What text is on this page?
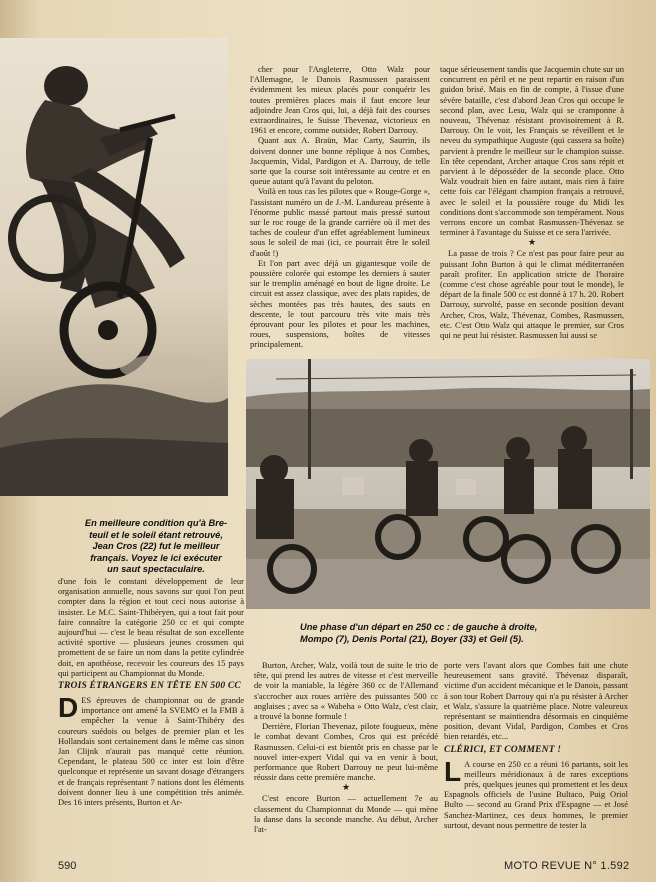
En meilleure condition qu'à Bre-
teuil et le soleil étant retrouvé,
Jean Cros (22) fut le meilleur
français. Voyez le ici exécuter
un saut spectaculaire.
Une phase d'un départ en 250 cc : de gauche à droite,
Mompo (7), Denis Portal (21), Boyer (33) et Geil (5).

cher pour l'Angleterre, Otto Walz pour l'Allemagne, le Danois Rasmussen paraissent évidemment les mieux placés pour conquérir les toutes premières places mais il faut encore leur adjoindre Jean Cros qui, lui, a déjà fait des courses extraordinaires, le Suisse Thevenaz, victorieux en 1961 et encore, comme outsider, Robert Darrouy.

Quant aux A. Braün, Mac Carty, Saurrin, ils doivent donner une bonne réplique à nos Combes, Jacquemin, Vidal, Pardigon et A. Darrouy, de telle sorte que la course soit intéressante au centre et en queue autant qu'à l'avant du peloton.

Voilà en tous cas les pilotes que « Rouge-Gorge », l'assistant numéro un de J.-M. Landureau présente à l'énorme public massé partout mais pressé surtout sur le roc rouge de la grande carrière où il met des taches de couleur d'un effet agréablement lumineux sous le soleil de mai (ici, ce pourrait être le soleil d'août !)

Et l'on part avec déjà un gigantesque voile de poussière colorée qui estompe les derniers à sauter sur le tremplin aménagé en bout de ligne droite. Le circuit est assez classique, avec des plats rapides, de sèches montées pas très hautes, des sauts en descente, le tout parcouru très vite mais très éprouvant pour les pilotes et pour les machines, roues, suspensions, boîtes de vitesses principalement.

taque sérieusement tandis que Jacquemin chute sur un concurrent en péril et ne peut repartir en raison d'un guidon brisé. Mais en fin de compte, à l'issue d'une sévère bataille, c'est d'abord Jean Cros qui occupe le second plan, avec Lesu, Walz qui se cramponne à nouveau, Thévenaz résistant provisoirement à R. Darrouy. On le voit, les Français se réveillent et le neveu du sympathique Auguste (qui cassera sa boîte) parvient à prendre le meilleur sur le champion suisse. En tête cependant, Archer attaque Cros sans répit et parvient à le déposséder de la seconde place. Otto Walz voudrait bien en faire autant, mais rien à faire cette fois car l'élégant champion français a retrouvé, avec le soleil et la poussière rouge du Midi les conditions dont s'accommode son tempérament. Nous verrons encore un combat Rasmussen-Thévenaz se terminer à l'avantage du Suisse et ce sera l'arrivée.

★

La passe de trois ? Ce n'est pas pour faire peur au puissant John Burton à qui le climat méditerranéen paraît profiter. En application stricte de l'horaire (comme c'est chose agréable pour tout le monde), le départ de la finale 500 cc est donné à 17 h. 20. Robert Darrouy, survolté, passe en seconde position devant Archer, Cros, Walz, Thévenaz, Combes, Rasmussen, etc. C'est Otto Walz qui attaque le premier, sur Cros qui ne peut lui résister. Rasmussen lui aussi se

d'une fois le constant développement de leur organisation annuelle, nous savons sur quoi l'on peut compter dans la région et tout ceci nous autorise à insister. Le M.C. Saint-Thibéryen, qui a tout fait pour faire connaître la catégorie 250 cc et qui compte aujourd'hui — c'est le beau résultat de son excellente activité sportive — plusieurs jeunes crossmen qui promettent de se faire un nom dans la petite cylindrée doit, en apothéose, recevoir les coureurs des 15 pays qui participent au Championnat du Monde.

TROIS ÉTRANGERS EN TÊTE EN 500 CC

DES épreuves de championnat ou de grande importance ont amené la SVEMO et la FMB à empêcher la venue à Saint-Thibéry des coureurs suédois ou belges de premier plan et les Hollandais sont certainement dans le même cas sinon Jan Clijnk n'aurait pas manqué cette réunion. Cependant, le plateau 500 cc inter est loin d'être quelconque et représente un savant dosage d'étrangers et de français représentant 7 nations dont les éléments doivent donner lieu à une compétition très animée. Des 16 inters présents, Burton et Ar-

Burton, Archer, Walz, voilà tout de suite le trio de tête, qui prend les autres de vitesse et c'est merveille de voir la maniable, la légère 360 cc de l'Allemand s'accrocher aux roues arrière des puissantes 500 cc anglaises ; avec sa « Wabeha » Otto Walz, c'est clair, a trouvé la bonne formule !

Derrière, Florian Thevenaz, pilote fougueux, mène le combat devant Combes, Cros qui est précédé Rasmussen. Celui-ci est bientôt pris en chasse par le nouvel inter-expert Vidal qui va en venir à bout, performance que Robert Darrouy ne peut lui-même réussir dans cette première manche.

★

C'est encore Burton — actuellement 7e au classement du Championnat du Monde — qui mène la danse dans la seconde manche. Au début, Archer l'at-

porte vers l'avant alors que Combes fait une chute heureusement sans gravité. Thévenaz disparaît, victime d'un accident mécanique et le Danois, passant à son tour Robert Darrouy qui n'a pu résister à Archer et Walz, s'assure la quatrième place. Notre valeureux représentant se maintiendra désormais en cinquième position, devant Vidal, Pardigon, Combes et Cros bien retardés, etc...

CLÉRICI, ET COMMENT !

L A course en 250 cc a réuni 16 partants, soit les meilleurs méridionaux à de rares exceptions près, quelques jeunes qui promettent et les deux Espagnols officiels de l'usine Bultaco, Puig Oriol Bulto — second au Grand Prix d'Espagne — et José Sanchez-Martinez, ces deux hommes, le premier surtout, devant nous permettre de tester la

590	MOTO REVUE N° 1.592
